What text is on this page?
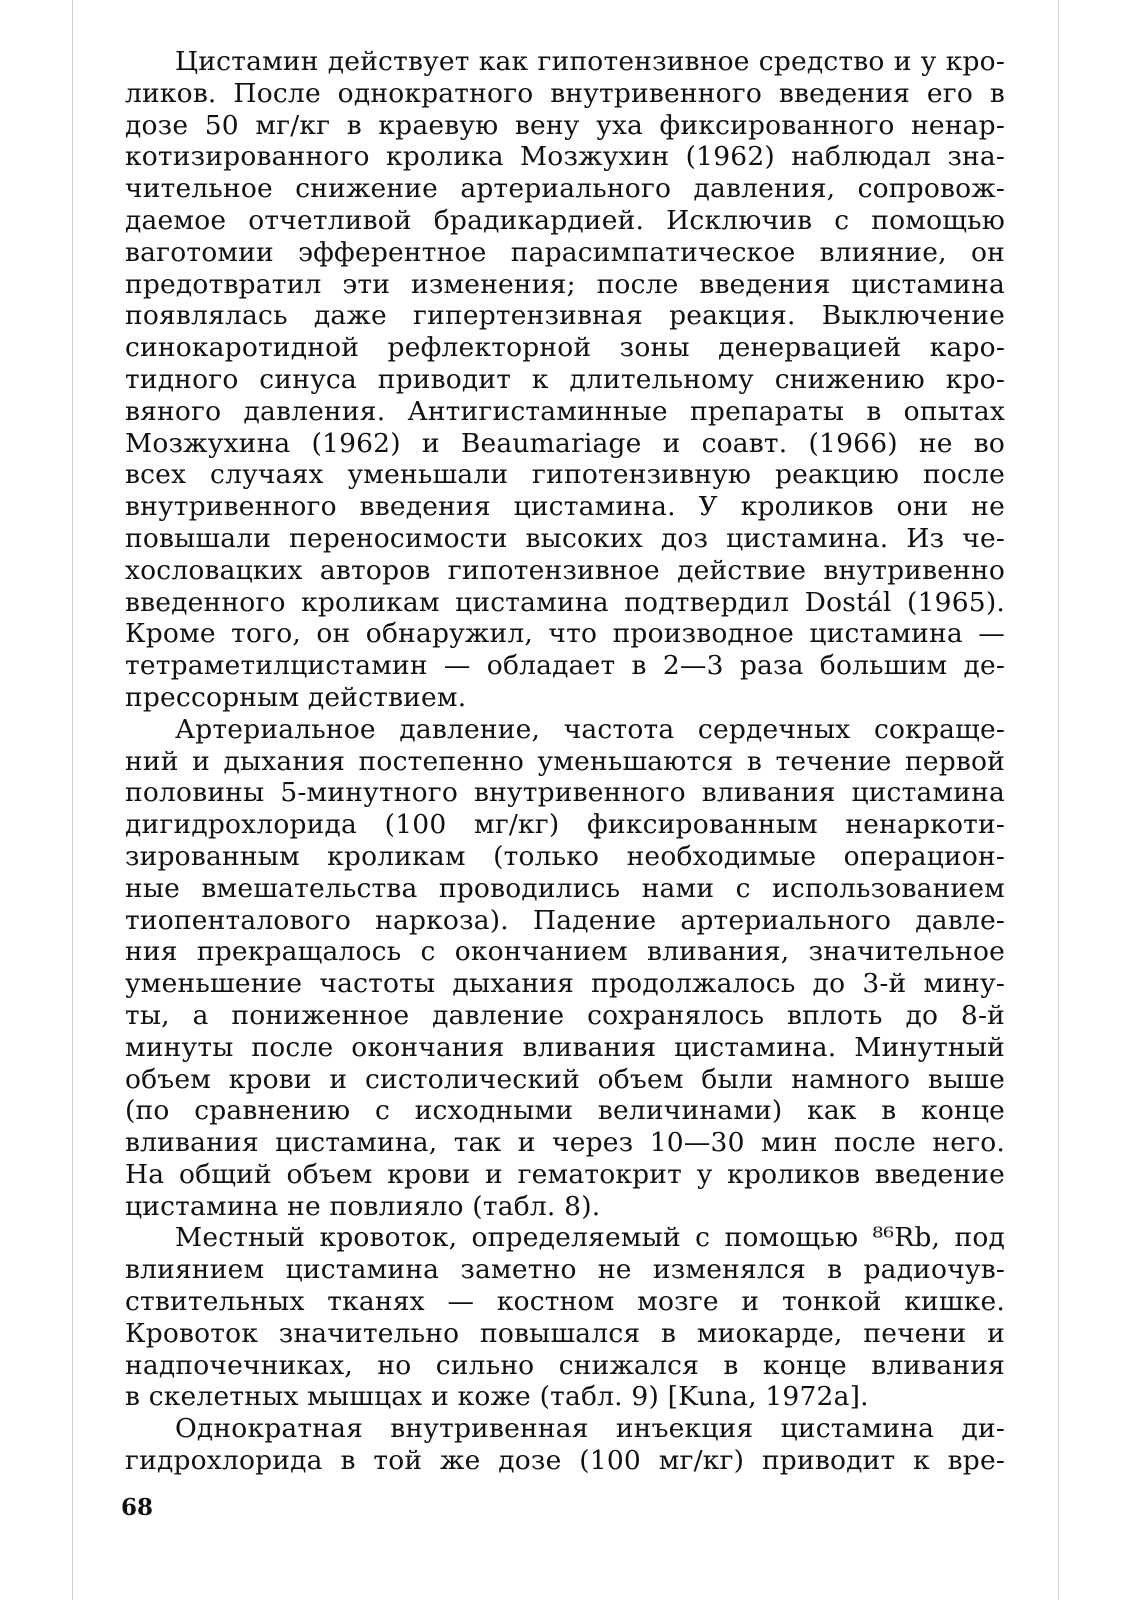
Цистамин действует как гипотензивное средство и у кро-
ликов. После однократного внутривенного введения его в
дозе 50 мг/кг в краевую вену уха фиксированного ненар-
котизированного кролика Мозжухин (1962) наблюдал зна-
чительное снижение артериального давления, сопровож-
даемое отчетливой брадикардией. Исключив с помощью
ваготомии эфферентное парасимпатическое влияние, он
предотвратил эти изменения; после введения цистамина
появлялась даже гипертензивная реакция. Выключение
синокаротидной рефлекторной зоны денервацией каро-
тидного синуса приводит к длительному снижению кро-
вяного давления. Антигистаминные препараты в опытах
Мозжухина (1962) и Beaumariage и соавт. (1966) не во
всех случаях уменьшали гипотензивную реакцию после
внутривенного введения цистамина. У кроликов они не
повышали переносимости высоких доз цистамина. Из че-
хословацких авторов гипотензивное действие внутривенно
введенного кроликам цистамина подтвердил Dostál (1965).
Кроме того, он обнаружил, что производное цистамина —
тетраметилцистамин — обладает в 2—3 раза большим де-
прессорным действием.
Артериальное давление, частота сердечных сокраще-
ний и дыхания постепенно уменьшаются в течение первой
половины 5-минутного внутривенного вливания цистамина
дигидрохлорида (100 мг/кг) фиксированным ненаркоти-
зированным кроликам (только необходимые операцион-
ные вмешательства проводились нами с использованием
тиопенталового наркоза). Падение артериального давле-
ния прекращалось с окончанием вливания, значительное
уменьшение частоты дыхания продолжалось до 3-й мину-
ты, а пониженное давление сохранялось вплоть до 8-й
минуты после окончания вливания цистамина. Минутный
объем крови и систолический объем были намного выше
(по сравнению с исходными величинами) как в конце
вливания цистамина, так и через 10—30 мин после него.
На общий объем крови и гематокрит у кроликов введение
цистамина не повлияло (табл. 8).
Местный кровоток, определяемый с помощью ⁸⁶Rb, под
влиянием цистамина заметно не изменялся в радиочув-
ствительных тканях — костном мозге и тонкой кишке.
Кровоток значительно повышался в миокарде, печени и
надпочечниках, но сильно снижался в конце вливания
в скелетных мышцах и коже (табл. 9) [Kuna, 1972a].
Однократная внутривенная инъекция цистамина ди-
гидрохлорида в той же дозе (100 мг/кг) приводит к вре-
68
